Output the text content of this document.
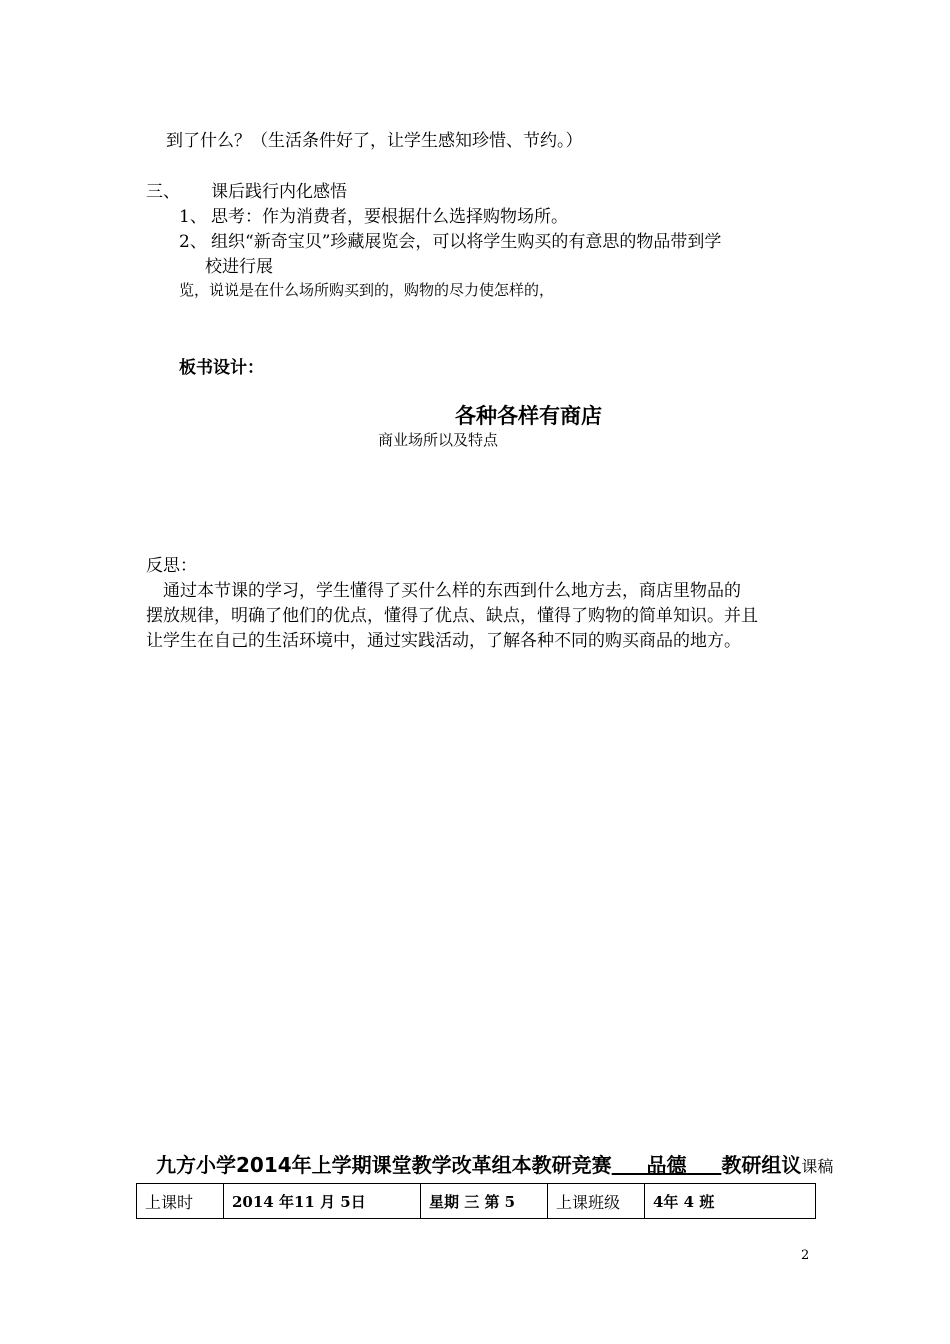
到了什么？（生活条件好了，让学生感知珍惜、节约。）
三、 课后践行内化感悟
1、 思考：作为消费者，要根据什么选择购物场所。
2、 组织“新奇宝贝”珍藏展览会，可以将学生购买的有意思的物品带到学
校进行展
览，说说是在什么场所购买到的，购物的尽力使怎样的，
板书设计：
各种各样有商店
商业场所以及特点
反思：
通过本节课的学习，学生懂得了买什么样的东西到什么地方去，商店里物品的
摆放规律，明确了他们的优点，懂得了优点、缺点，懂得了购物的简单知识。并且
让学生在自己的生活环境中，通过实践活动，了解各种不同的购买商品的地方。
九方小学2014年上学期课堂教学改革组本教研竞赛 品德 教研组议课稿
上课时	2014 年11 月 5日	星期 三 第 5	上课班级	4年 4 班
2
